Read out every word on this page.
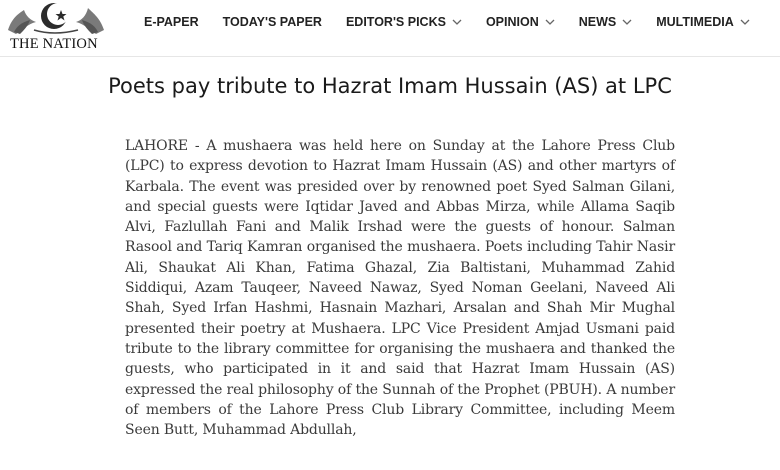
THE NATION
E-PAPER TODAY'S PAPER EDITOR'S PICKS	OPINION	NEWS	MULTIMEDIA
Poets pay tribute to Hazrat Imam Hussain (AS) at LPC
LAHORE - A mushaera was held here on Sunday at the Lahore Press Club (LPC) to express devotion to Hazrat Imam Hussain (AS) and other martyrs of Karbala. The event was presided over by renowned poet Syed Salman Gilani, and special guests were Iqtidar Javed and Abbas Mirza, while Allama Saqib Alvi, Fazlullah Fani and Malik Irshad were the guests of honour. Salman Rasool and Tariq Kamran organised the mushaera. Poets including Tahir Nasir Ali, Shaukat Ali Khan, Fatima Ghazal, Zia Baltistani, Muhammad Zahid Siddiqui, Azam Tauqeer, Naveed Nawaz, Syed Noman Geelani, Naveed Ali Shah, Syed Irfan Hashmi, Hasnain Mazhari, Arsalan and Shah Mir Mughal presented their poetry at Mushaera. LPC Vice President Amjad Usmani paid tribute to the library committee for organising the mushaera and thanked the guests, who participated in it and said that Hazrat Imam Hussain (AS) expressed the real philosophy of the Sunnah of the Prophet (PBUH). A number of members of the Lahore Press Club Library Committee, including Meem Seen Butt, Muhammad Abdullah,
